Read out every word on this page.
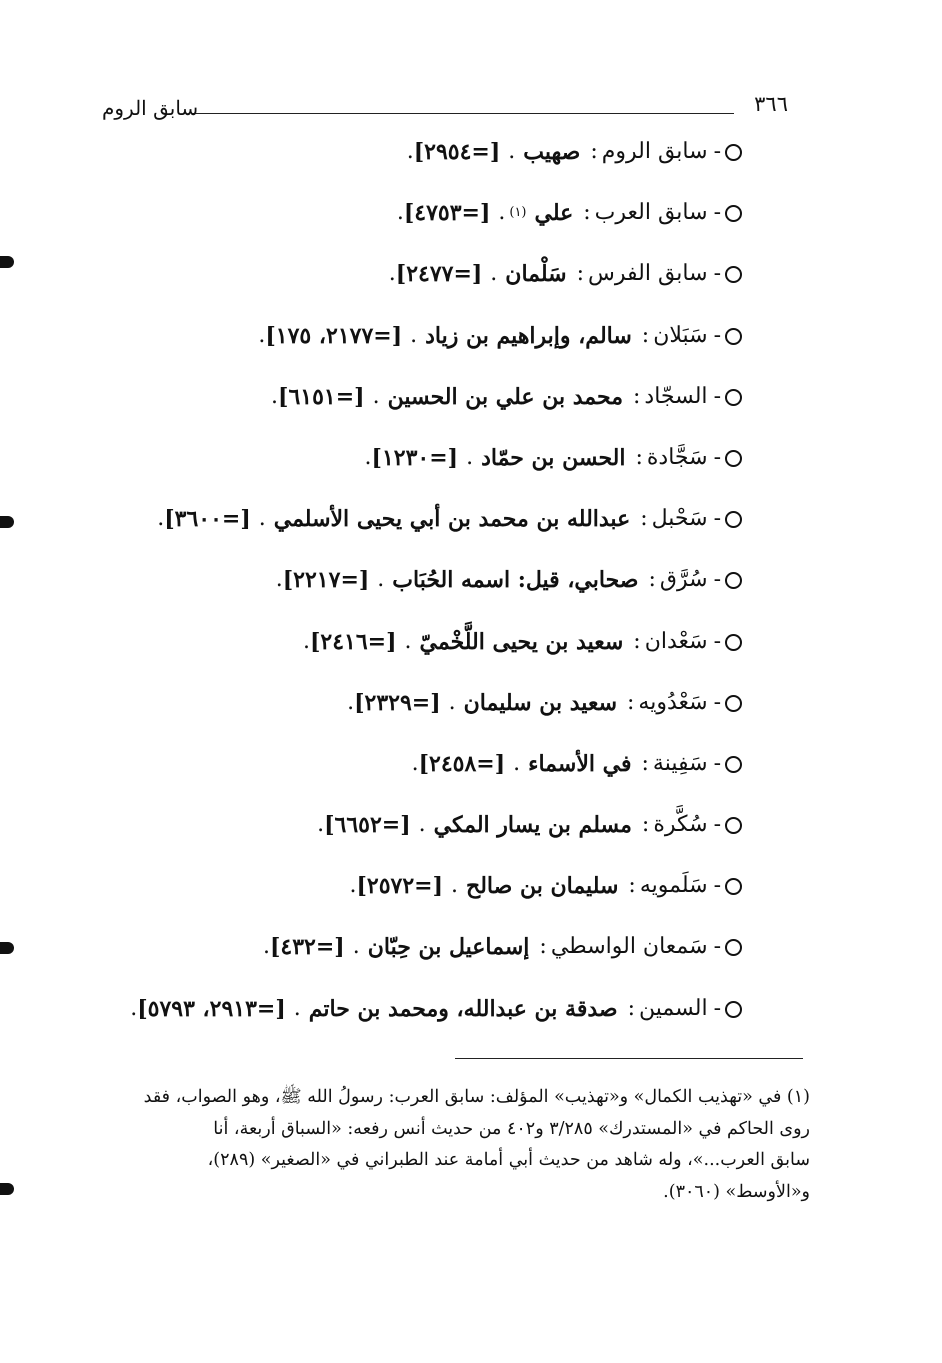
٣٦٦
سابق الروم
-
سابق الروم
:
صهيب
.
[=٢٩٥٤]
.
-
سابق العرب
:
علي
(١)
.
[=٤٧٥٣]
.
-
سابق الفرس
:
سَلْمان
.
[=٢٤٧٧]
.
-
سَبَلان
:
سالم، وإبراهيم بن زياد
.
[=٢١٧٧، ١٧٥]
.
-
السجّاد
:
محمد بن علي بن الحسين
.
[=٦١٥١]
.
-
سَجَّادة
:
الحسن بن حمّاد
.
[=١٢٣٠]
.
-
سَحْبل
:
عبدالله بن محمد بن أبي يحيى الأسلمي
.
[=٣٦٠٠]
.
-
سُرَّق
:
صحابي، قيل: اسمه الحُبَاب
.
[=٢٢١٧]
.
-
سَعْدان
:
سعيد بن يحيى اللَّخْميّ
.
[=٢٤١٦]
.
-
سَعْدُويه
:
سعيد بن سليمان
.
[=٢٣٢٩]
.
-
سَفِينة
:
في الأسماء
.
[=٢٤٥٨]
.
-
سُكَّرة
:
مسلم بن يسار المكي
.
[=٦٦٥٢]
.
-
سَلَمويه
:
سليمان بن صالح
.
[=٢٥٧٢]
.
-
سَمعان الواسطي
:
إسماعيل بن حِبّان
.
[=٤٣٢]
.
-
السمين
:
صدقة بن عبدالله، ومحمد بن حاتم
.
[=٢٩١٣، ٥٧٩٣]
.
(١) في «تهذيب الكمال» و«تهذيب» المؤلف: سابق العرب: رسولُ الله ﷺ، وهو الصواب، فقد
روى الحاكم في «المستدرك» ٣/٢٨٥ و٤٠٢ من حديث أنس رفعه: «السباق أربعة، أنا
سابق العرب...»، وله شاهد من حديث أبي أمامة عند الطبراني في «الصغير» (٢٨٩)،
و«الأوسط» (٣٠٦٠).
